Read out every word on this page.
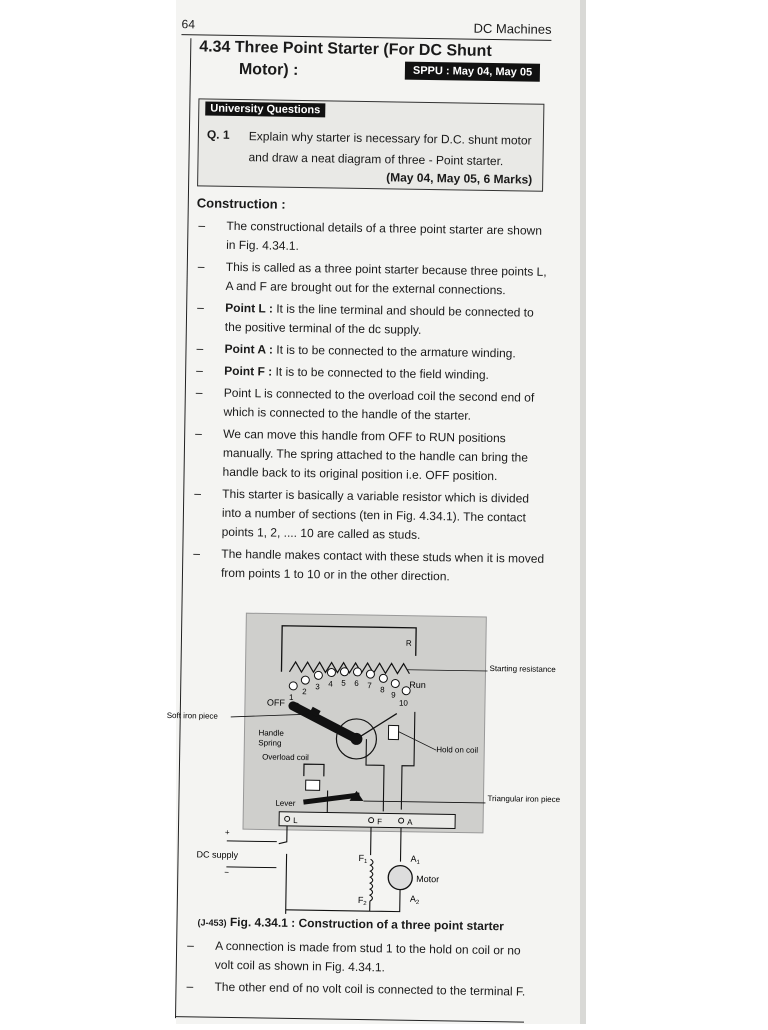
64	DC Machines
4.34 Three Point Starter (For DC Shunt
Motor) :	SPPU : May 04, May 05
University Questions
Q. 1 Explain why starter is necessary for D.C. shunt motor and draw a neat diagram of three - Point starter.
(May 04, May 05, 6 Marks)
Construction :
– The constructional details of a three point starter are shown in Fig. 4.34.1.
– This is called as a three point starter because three points L, A and F are brought out for the external connections.
– Point L : It is the line terminal and should be connected to the positive terminal of the dc supply.
– Point A : It is to be connected to the armature winding.
– Point F : It is to be connected to the field winding.
– Point L is connected to the overload coil the second end of which is connected to the handle of the starter.
– We can move this handle from OFF to RUN positions manually. The spring attached to the handle can bring the handle back to its original position i.e. OFF position.
– This starter is basically a variable resistor which is divided into a number of sections (ten in Fig. 4.34.1). The contact points 1, 2, .... 10 are called as studs.
– The handle makes contact with these studs when it is moved from points 1 to 10 or in the other direction.
R
1
2
3 4 5 6 7 8
9
10
Run
Starting resistance
OFF
Soft iron piece
Handle
Spring
Overload coil
Hold on coil
Lever	Triangular iron piece
L	F	A
+
−
DC supply	$F_1$
$F_2$
$A_1$
$A_2$
Motor
(J-453) Fig. 4.34.1 : Construction of a three point starter
– A connection is made from stud 1 to the hold on coil or no volt coil as shown in Fig. 4.34.1.
– The other end of no volt coil is connected to the terminal F.
